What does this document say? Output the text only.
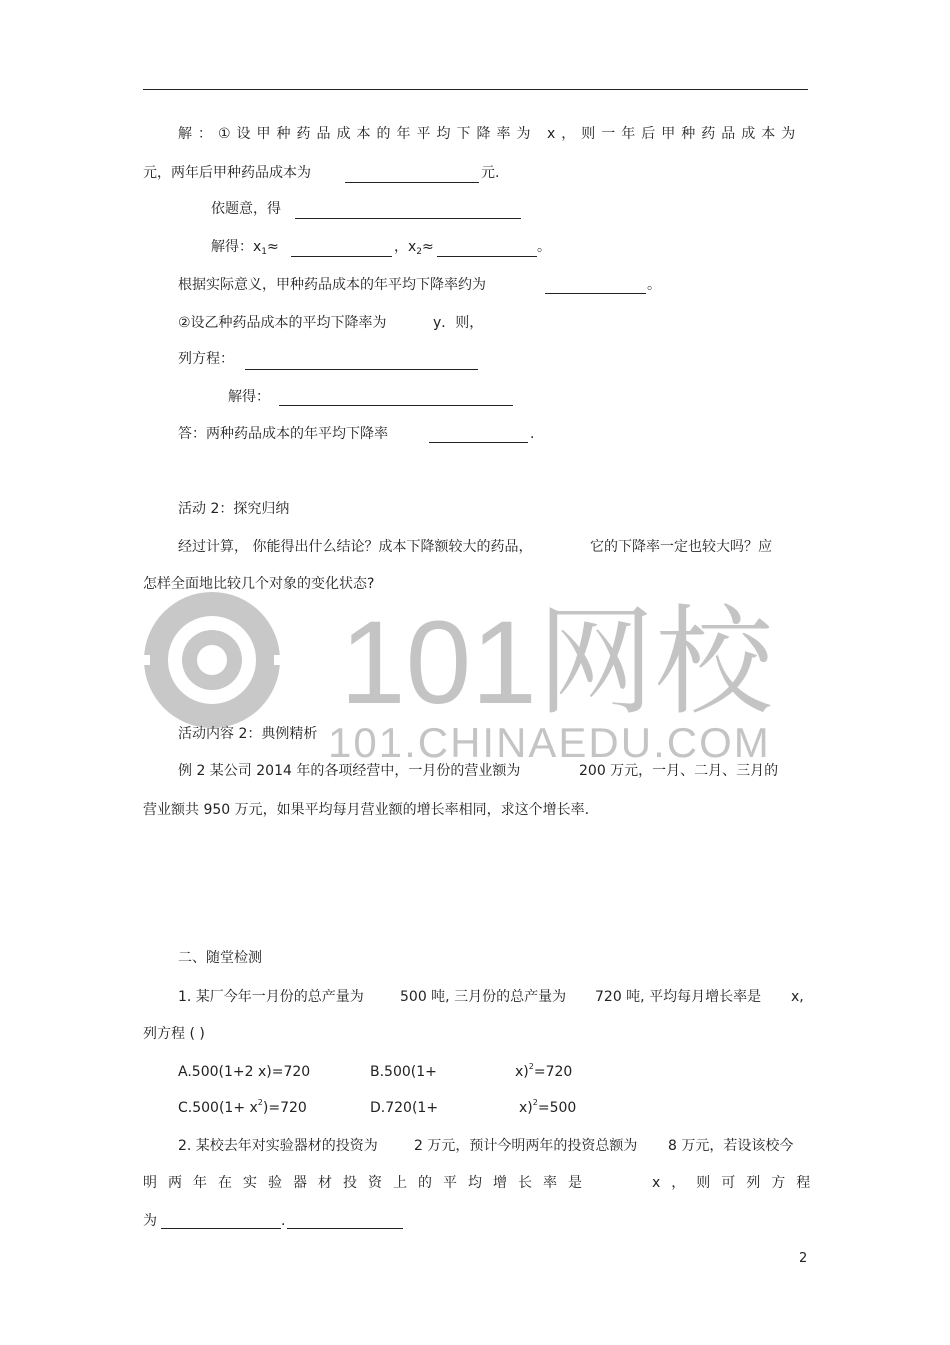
101网校
101.CHINAEDU.COM
解：①设甲种药品成本的年平均下降率为 x，则一年后甲种药品成本为
元，两年后甲种药品成本为	元.
依题意，得
解得：$x_1\approx$	，$x_2\approx$	。
根据实际意义，甲种药品成本的年平均下降率约为	。
②设乙种药品成本的平均下降率为	y．则，
列方程：
解得：
答：两种药品成本的年平均下降率	.
活动 2：探究归纳
经过计算， 你能得出什么结论？成本下降额较大的药品，	它的下降率一定也较大吗？应
怎样全面地比较几个对象的变化状态?
活动内容 2：典例精析
例 2 某公司 2014 年的各项经营中，一月份的营业额为	200 万元，一月、二月、三月的
营业额共 950 万元，如果平均每月营业额的增长率相同，求这个增长率.
二、随堂检测
1. 某厂今年一月份的总产量为	500 吨, 三月份的总产量为 720 吨, 平均每月增长率是 x,
列方程 ( )
A.500(1+2 x)=720	B.500(1+	x)$^2$=720
$C.500(1+ x^2)=720$	D.720(1+	x)$^2$=500
2. 某校去年对实验器材的投资为	2 万元，预计今明两年的投资总额为 8 万元，若设该校今
明两年在实验器材投资上的平均增长率是	x，则可列方程
为	.
2
